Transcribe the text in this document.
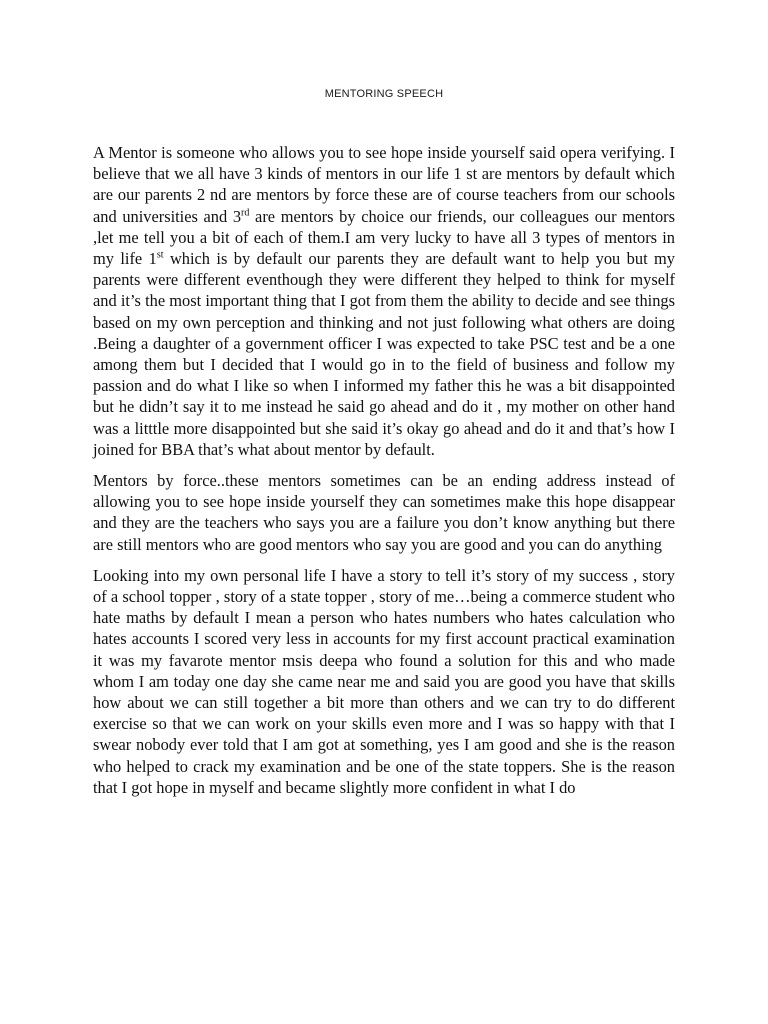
MENTORING SPEECH

A Mentor is someone who allows you to see hope inside yourself said opera verifying. I believe that we all have 3 kinds of mentors in our life 1 st are mentors by default which are our parents 2 nd are mentors by force these are of course teachers from our schools and universities and 3rd are mentors by choice our friends, our colleagues our mentors ,let me tell you a bit of each of them.I am very lucky to have all 3 types of mentors in my life 1st which is by default our parents they are default want to help you but my parents were different eventhough they were different they helped to think for myself and it’s the most important thing that I got from them the ability to decide and see things based on my own perception and thinking and not just following what others are doing .Being a daughter of a government officer I was expected to take PSC test and be a one among them but I decided that I would go in to the field of business and follow my passion and do what I like so when I informed my father this he was a bit disappointed but he didn’t say it to me instead he said go ahead and do it , my mother on other hand was a litttle more disappointed but she said it’s okay go ahead and do it and that’s how I joined for BBA that’s what about mentor by default.

Mentors by force..these mentors sometimes can be an ending address instead of allowing you to see hope inside yourself they can sometimes make this hope disappear and they are the teachers who says you are a failure you don’t know anything but there are still mentors who are good mentors who say you are good and you can do anything

Looking into my own personal life I have a story to tell it’s story of my success , story of a school topper , story of a state topper , story of me…being a commerce student who hate maths by default I mean a person who hates numbers who hates calculation who hates accounts I scored very less in accounts for my first account practical examination it was my favarote mentor msis deepa who found a solution for this and who made whom I am today one day she came near me and said you are good you have that skills how about we can still together a bit more than others and we can try to do different exercise so that we can work on your skills even more and I was so happy with that I swear nobody ever told that I am got at something, yes I am good and she is the reason who helped to crack my examination and be one of the state toppers. She is the reason that I got hope in myself and became slightly more confident in what I do
